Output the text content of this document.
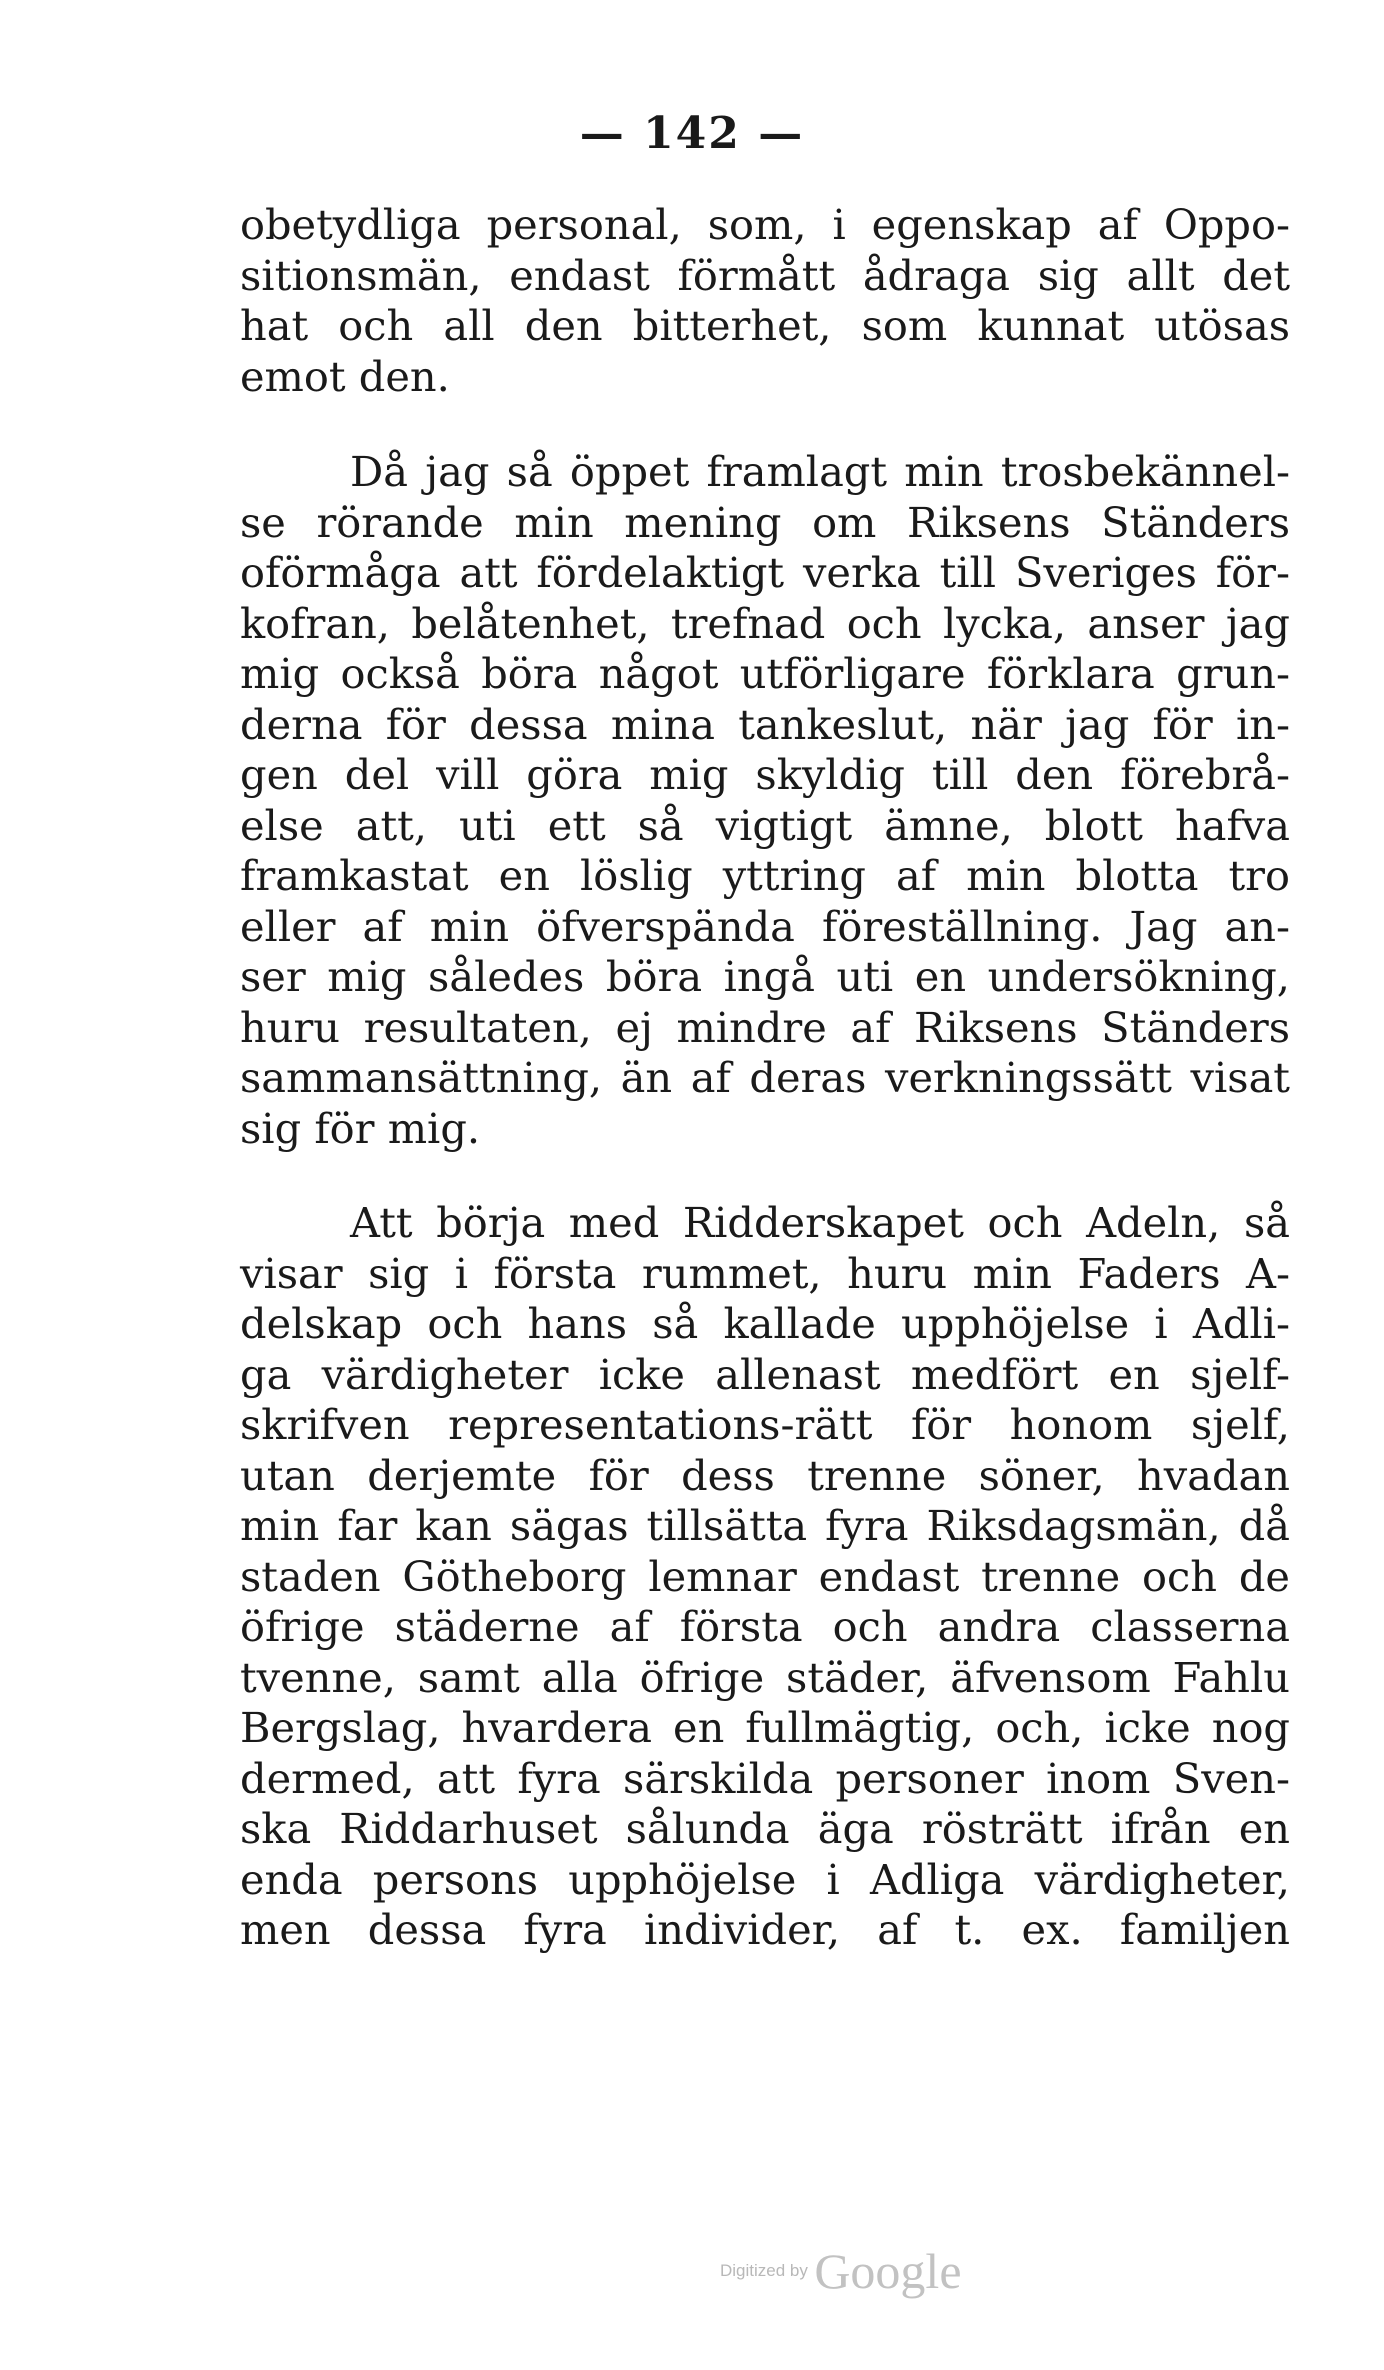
— 142 —
obetydliga personal, som, i egenskap af Oppo-
sitionsmän, endast förmått ådraga sig allt det
hat och all den bitterhet, som kunnat utösas
emot den.
Då jag så öppet framlagt min trosbekännel-
se rörande min mening om Riksens Ständers
oförmåga att fördelaktigt verka till Sveriges för-
kofran, belåtenhet, trefnad och lycka, anser jag
mig också böra något utförligare förklara grun-
derna för dessa mina tankeslut, när jag för in-
gen del vill göra mig skyldig till den förebrå-
else att, uti ett så vigtigt ämne, blott hafva
framkastat en löslig yttring af min blotta tro
eller af min öfverspända föreställning. Jag an-
ser mig således böra ingå uti en undersökning,
huru resultaten, ej mindre af Riksens Ständers
sammansättning, än af deras verkningssätt visat
sig för mig.
Att börja med Ridderskapet och Adeln, så
visar sig i första rummet, huru min Faders A-
delskap och hans så kallade upphöjelse i Adli-
ga värdigheter icke allenast medfört en sjelf-
skrifven representations-rätt för honom sjelf,
utan derjemte för dess trenne söner, hvadan
min far kan sägas tillsätta fyra Riksdagsmän, då
staden Götheborg lemnar endast trenne och de
öfrige städerne af första och andra classerna
tvenne, samt alla öfrige städer, äfvensom Fahlu
Bergslag, hvardera en fullmägtig, och, icke nog
dermed, att fyra särskilda personer inom Sven-
ska Riddarhuset sålunda äga rösträtt ifrån en
enda persons upphöjelse i Adliga värdigheter,
men dessa fyra individer, af t. ex. familjen
Digitized by Google
